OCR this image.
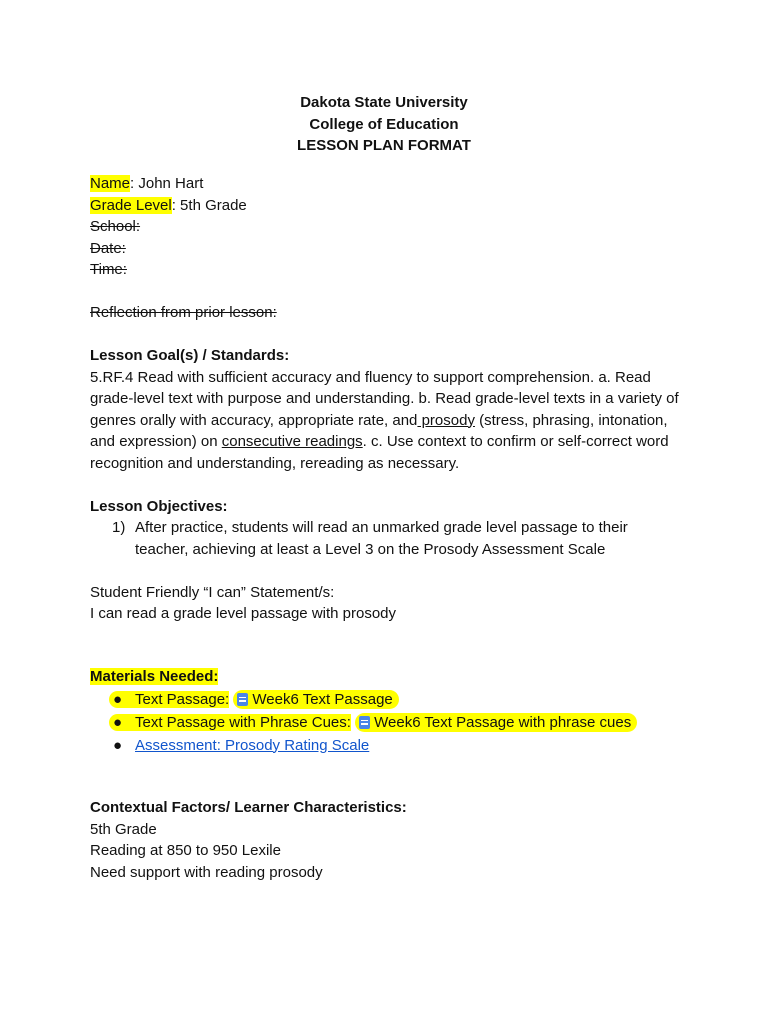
Dakota State University
College of Education
LESSON PLAN FORMAT
Name: John Hart
Grade Level: 5th Grade
School:
Date:
Time:
Reflection from prior lesson:
Lesson Goal(s) / Standards:
5.RF.4 Read with sufficient accuracy and fluency to support comprehension. a. Read grade-level text with purpose and understanding. b. Read grade-level texts in a variety of genres orally with accuracy, appropriate rate, and prosody (stress, phrasing, intonation, and expression) on consecutive readings. c. Use context to confirm or self-correct word recognition and understanding, rereading as necessary.
Lesson Objectives:
1) After practice, students will read an unmarked grade level passage to their
teacher, achieving at least a Level 3 on the Prosody Assessment Scale
Student Friendly “I can” Statement/s:
I can read a grade level passage with prosody
Materials Needed:
● Text Passage: Week6 Text Passage
● Text Passage with Phrase Cues: Week6 Text Passage with phrase cues
● Assessment: Prosody Rating Scale
Contextual Factors/ Learner Characteristics:
5th Grade
Reading at 850 to 950 Lexile
Need support with reading prosody
